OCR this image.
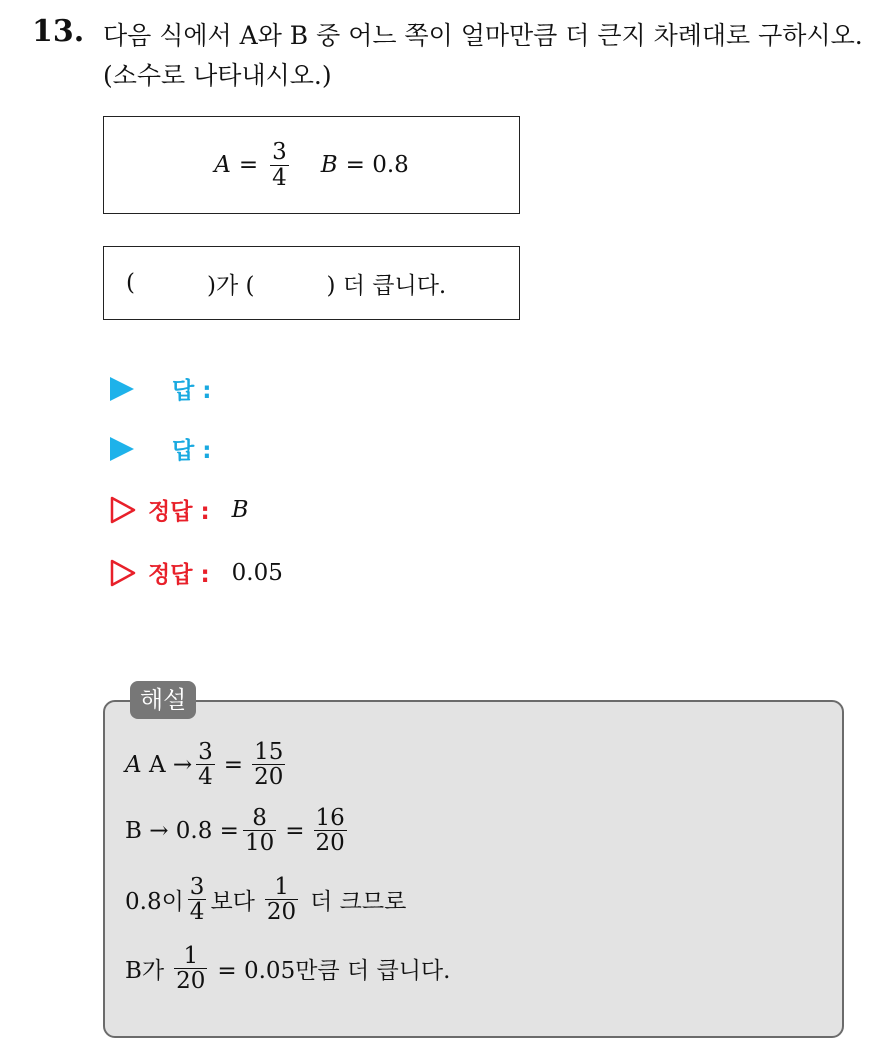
13. 다음 식에서 A와 B 중 어느 쪽이 얼마만큼 더 큰지 차례대로 구하시오.
(소수로 나타내시오.)
$A = \frac{3}{4}$ B = 0.8
(	)가 (	) 더 큽니다.
답 :
답 :
정답 : B
정답 : 0.05
해설
A $A \to \frac{3}{4} = \frac{15}{20}$
$B \to 0.8 = \frac{8}{10} = \frac{16}{20}$
0.8이 $\frac{3}{4}$ 보다 $\frac{1}{20}$ 더 크므로
B가 $\frac{1}{20} = 0.05$만큼 더 큽니다.
